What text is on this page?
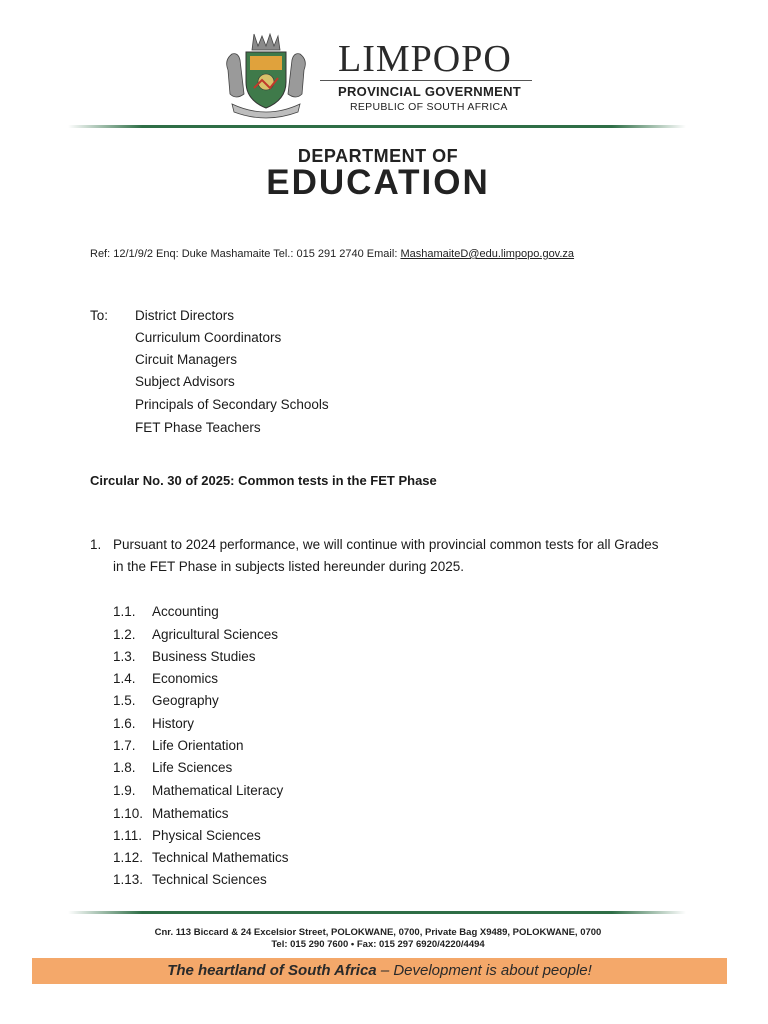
LIMPOPO
PROVINCIAL GOVERNMENT
REPUBLIC OF SOUTH AFRICA
DEPARTMENT OF
EDUCATION
Ref: 12/1/9/2 Enq: Duke Mashamaite Tel.: 015 291 2740 Email: MashamaiteD@edu.limpopo.gov.za
To: District Directors
Curriculum Coordinators
Circuit Managers
Subject Advisors
Principals of Secondary Schools
FET Phase Teachers
Circular No. 30 of 2025: Common tests in the FET Phase
1. Pursuant to 2024 performance, we will continue with provincial common tests for all Grades
in the FET Phase in subjects listed hereunder during 2025.
1.1. Accounting
1.2. Agricultural Sciences
1.3. Business Studies
1.4. Economics
1.5. Geography
1.6. History
1.7. Life Orientation
1.8. Life Sciences
1.9. Mathematical Literacy
1.10. Mathematics
1.11. Physical Sciences
1.12. Technical Mathematics
1.13. Technical Sciences
Cnr. 113 Biccard & 24 Excelsior Street, POLOKWANE, 0700, Private Bag X9489, POLOKWANE, 0700
Tel: 015 290 7600 • Fax: 015 297 6920/4220/4494
The heartland of South Africa – Development is about people!
